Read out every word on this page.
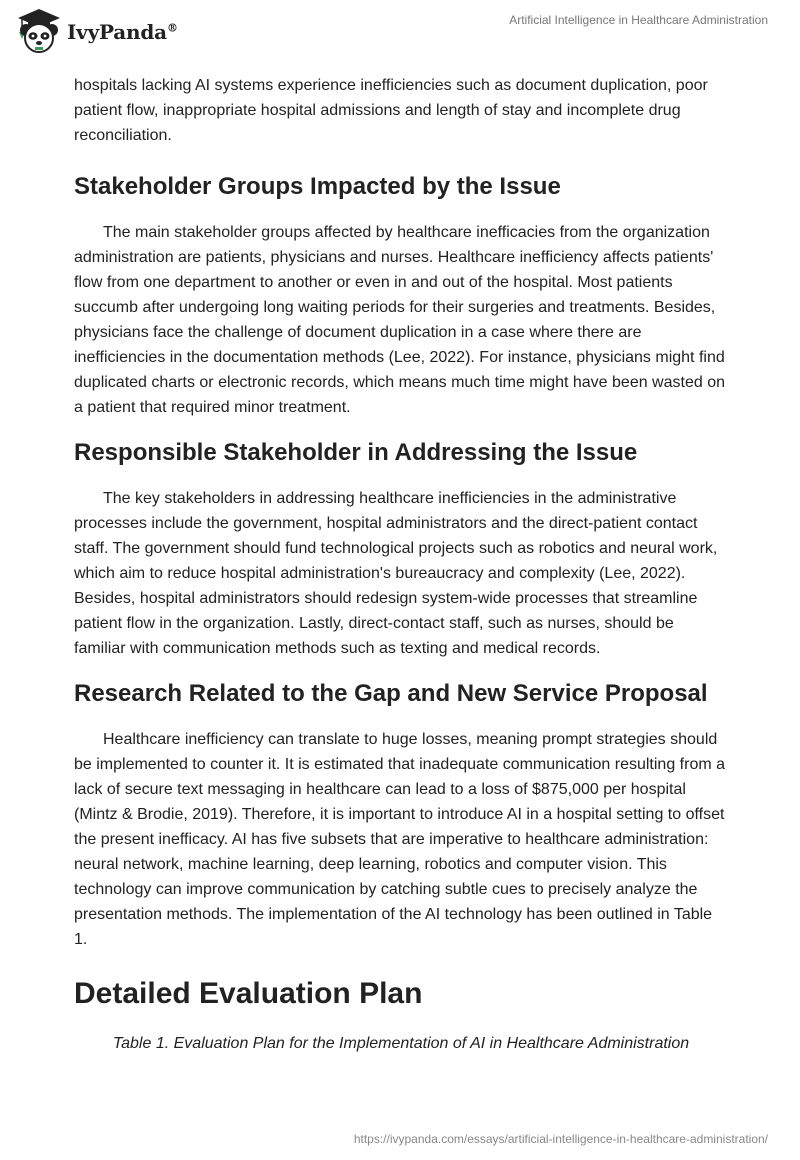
IvyPanda®
Artificial Intelligence in Healthcare Administration

hospitals lacking AI systems experience inefficiencies such as document duplication, poor patient flow, inappropriate hospital admissions and length of stay and incomplete drug reconciliation.

Stakeholder Groups Impacted by the Issue

The main stakeholder groups affected by healthcare inefficacies from the organization administration are patients, physicians and nurses. Healthcare inefficiency affects patients' flow from one department to another or even in and out of the hospital. Most patients succumb after undergoing long waiting periods for their surgeries and treatments. Besides, physicians face the challenge of document duplication in a case where there are inefficiencies in the documentation methods (Lee, 2022). For instance, physicians might find duplicated charts or electronic records, which means much time might have been wasted on a patient that required minor treatment.

Responsible Stakeholder in Addressing the Issue

The key stakeholders in addressing healthcare inefficiencies in the administrative processes include the government, hospital administrators and the direct-patient contact staff. The government should fund technological projects such as robotics and neural work, which aim to reduce hospital administration's bureaucracy and complexity (Lee, 2022). Besides, hospital administrators should redesign system-wide processes that streamline patient flow in the organization. Lastly, direct-contact staff, such as nurses, should be familiar with communication methods such as texting and medical records.

Research Related to the Gap and New Service Proposal

Healthcare inefficiency can translate to huge losses, meaning prompt strategies should be implemented to counter it. It is estimated that inadequate communication resulting from a lack of secure text messaging in healthcare can lead to a loss of $875,000 per hospital (Mintz & Brodie, 2019). Therefore, it is important to introduce AI in a hospital setting to offset the present inefficacy. AI has five subsets that are imperative to healthcare administration: neural network, machine learning, deep learning, robotics and computer vision. This technology can improve communication by catching subtle cues to precisely analyze the presentation methods. The implementation of the AI technology has been outlined in Table 1.

Detailed Evaluation Plan

Table 1. Evaluation Plan for the Implementation of AI in Healthcare Administration

https://ivypanda.com/essays/artificial-intelligence-in-healthcare-administration/
